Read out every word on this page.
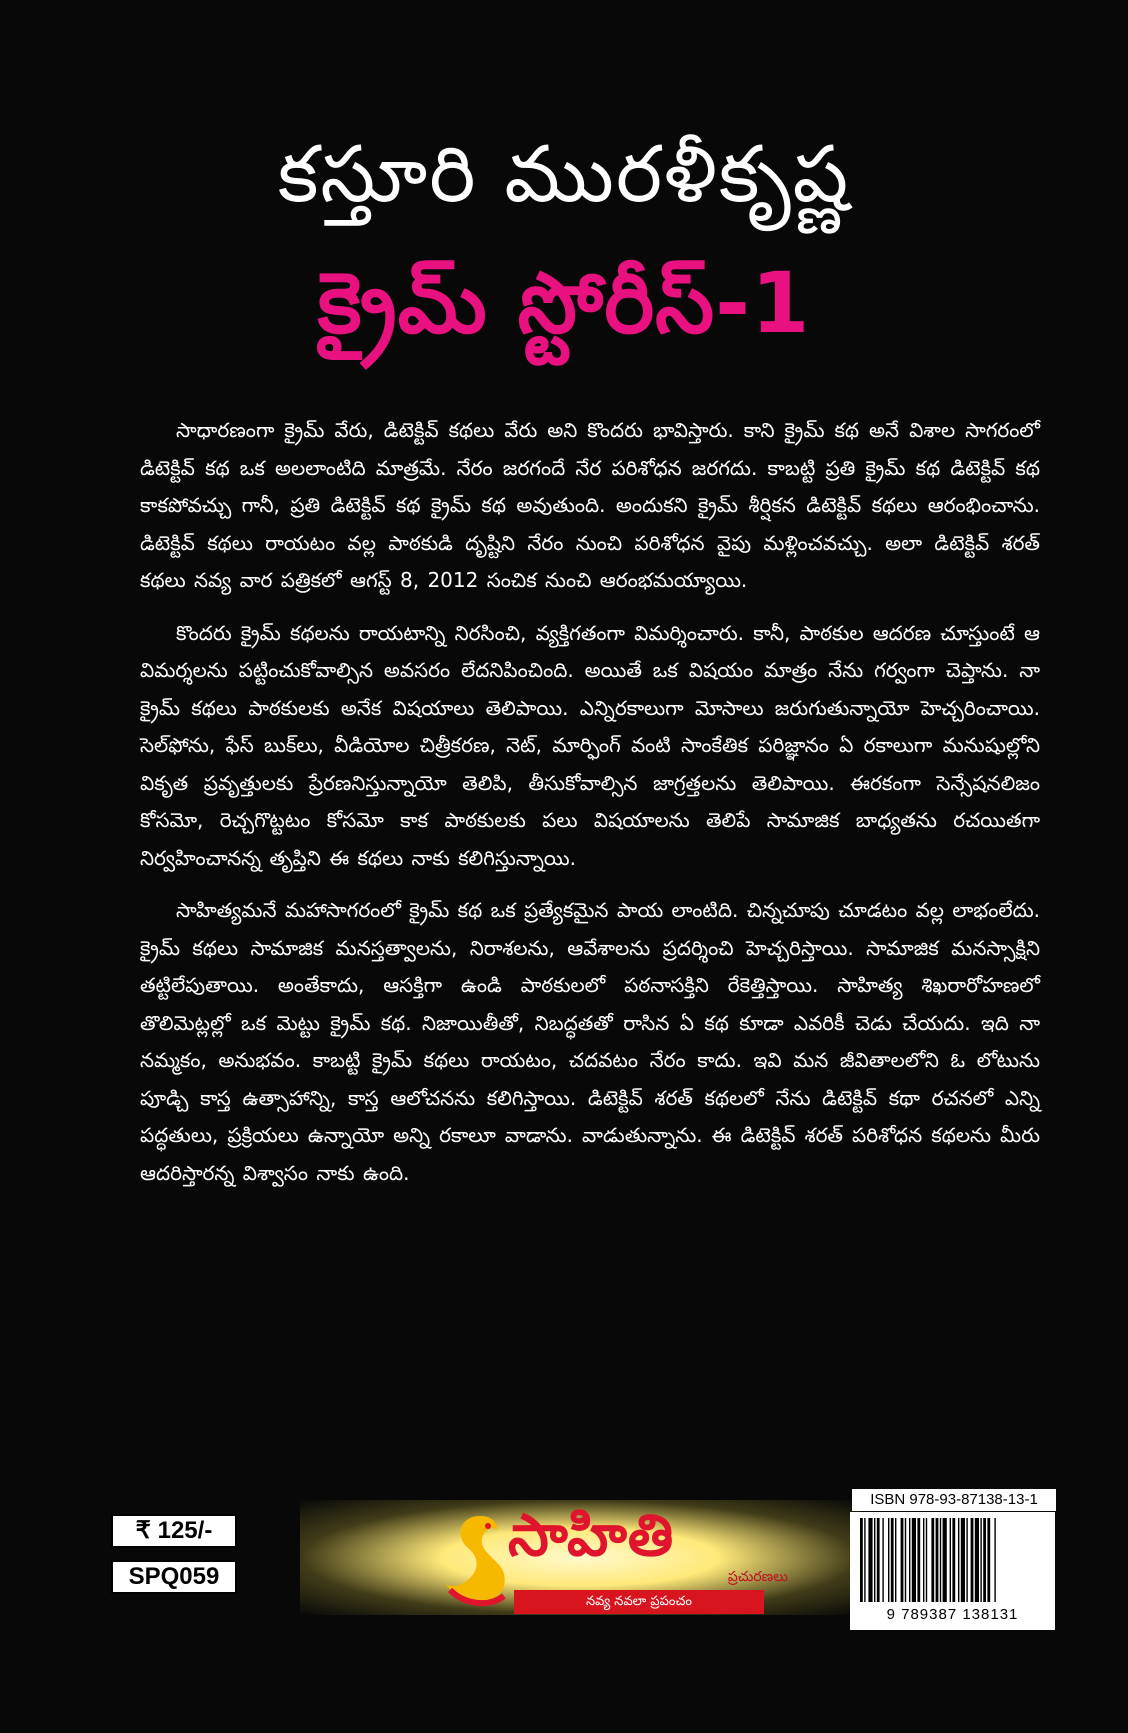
కస్తూరి మురళీకృష్ణ
క్రైమ్ స్టోరీస్-1

సాధారణంగా క్రైమ్ వేరు, డిటెక్టివ్ కథలు వేరు అని కొందరు భావిస్తారు. కాని క్రైమ్ కథ అనే విశాల సాగరంలో డిటెక్టివ్ కథ ఒక అలలాంటిది మాత్రమే. నేరం జరగందే నేర పరిశోధన జరగదు. కాబట్టి ప్రతి క్రైమ్ కథ డిటెక్టివ్ కథ కాకపోవచ్చు గానీ, ప్రతి డిటెక్టివ్ కథ క్రైమ్ కథ అవుతుంది. అందుకని క్రైమ్ శీర్షికన డిటెక్టివ్ కథలు ఆరంభించాను. డిటెక్టివ్ కథలు రాయటం వల్ల పాఠకుడి దృష్టిని నేరం నుంచి పరిశోధన వైపు మళ్లించవచ్చు. అలా డిటెక్టివ్ శరత్ కథలు నవ్య వార పత్రికలో ఆగస్ట్ 8, 2012 సంచిక నుంచి ఆరంభమయ్యాయి.

కొందరు క్రైమ్ కథలను రాయటాన్ని నిరసించి, వ్యక్తిగతంగా విమర్శించారు. కానీ, పాఠకుల ఆదరణ చూస్తుంటే ఆ విమర్శలను పట్టించుకోవాల్సిన అవసరం లేదనిపించింది. అయితే ఒక విషయం మాత్రం నేను గర్వంగా చెప్తాను. నా క్రైమ్ కథలు పాఠకులకు అనేక విషయాలు తెలిపాయి. ఎన్నిరకాలుగా మోసాలు జరుగుతున్నాయో హెచ్చరించాయి. సెల్‌ఫోను, ఫేస్ బుక్‌లు, వీడియోల చిత్రీకరణ, నెట్, మార్ఫింగ్ వంటి సాంకేతిక పరిజ్ఞానం ఏ రకాలుగా మనుషుల్లోని వికృత ప్రవృత్తులకు ప్రేరణనిస్తున్నాయో తెలిపి, తీసుకోవాల్సిన జాగ్రత్తలను తెలిపాయి. ఈరకంగా సెన్సేషనలిజం కోసమో, రెచ్చగొట్టటం కోసమో కాక పాఠకులకు పలు విషయాలను తెలిపే సామాజిక బాధ్యతను రచయితగా నిర్వహించానన్న తృప్తిని ఈ కథలు నాకు కలిగిస్తున్నాయి.

సాహిత్యమనే మహాసాగరంలో క్రైమ్ కథ ఒక ప్రత్యేకమైన పాయ లాంటిది. చిన్నచూపు చూడటం వల్ల లాభంలేదు. క్రైమ్ కథలు సామాజిక మనస్తత్వాలను, నిరాశలను, ఆవేశాలను ప్రదర్శించి హెచ్చరిస్తాయి. సామాజిక మనస్సాక్షిని తట్టిలేపుతాయి. అంతేకాదు, ఆసక్తిగా ఉండి పాఠకులలో పఠనాసక్తిని రేకెత్తిస్తాయి. సాహిత్య శిఖరారోహణలో తొలిమెట్లల్లో ఒక మెట్టు క్రైమ్ కథ. నిజాయితీతో, నిబద్ధతతో రాసిన ఏ కథ కూడా ఎవరికీ చెడు చేయదు. ఇది నా నమ్మకం, అనుభవం. కాబట్టి క్రైమ్ కథలు రాయటం, చదవటం నేరం కాదు. ఇవి మన జీవితాలలోని ఓ లోటును పూడ్చి కాస్త ఉత్సాహాన్ని, కాస్త ఆలోచనను కలిగిస్తాయి. డిటెక్టివ్ శరత్ కథలలో నేను డిటెక్టివ్ కథా రచనలో ఎన్ని పద్ధతులు, ప్రక్రియలు ఉన్నాయో అన్ని రకాలూ వాడాను. వాడుతున్నాను. ఈ డిటెక్టివ్ శరత్ పరిశోధన కథలను మీరు ఆదరిస్తారన్న విశ్వాసం నాకు ఉంది.

₹ 125/-
SPQ059
సాహితి
ప్రచురణలు
నవ్య నవలా ప్రపంచం
ISBN 978-93-87138-13-1
9 789387 138131
